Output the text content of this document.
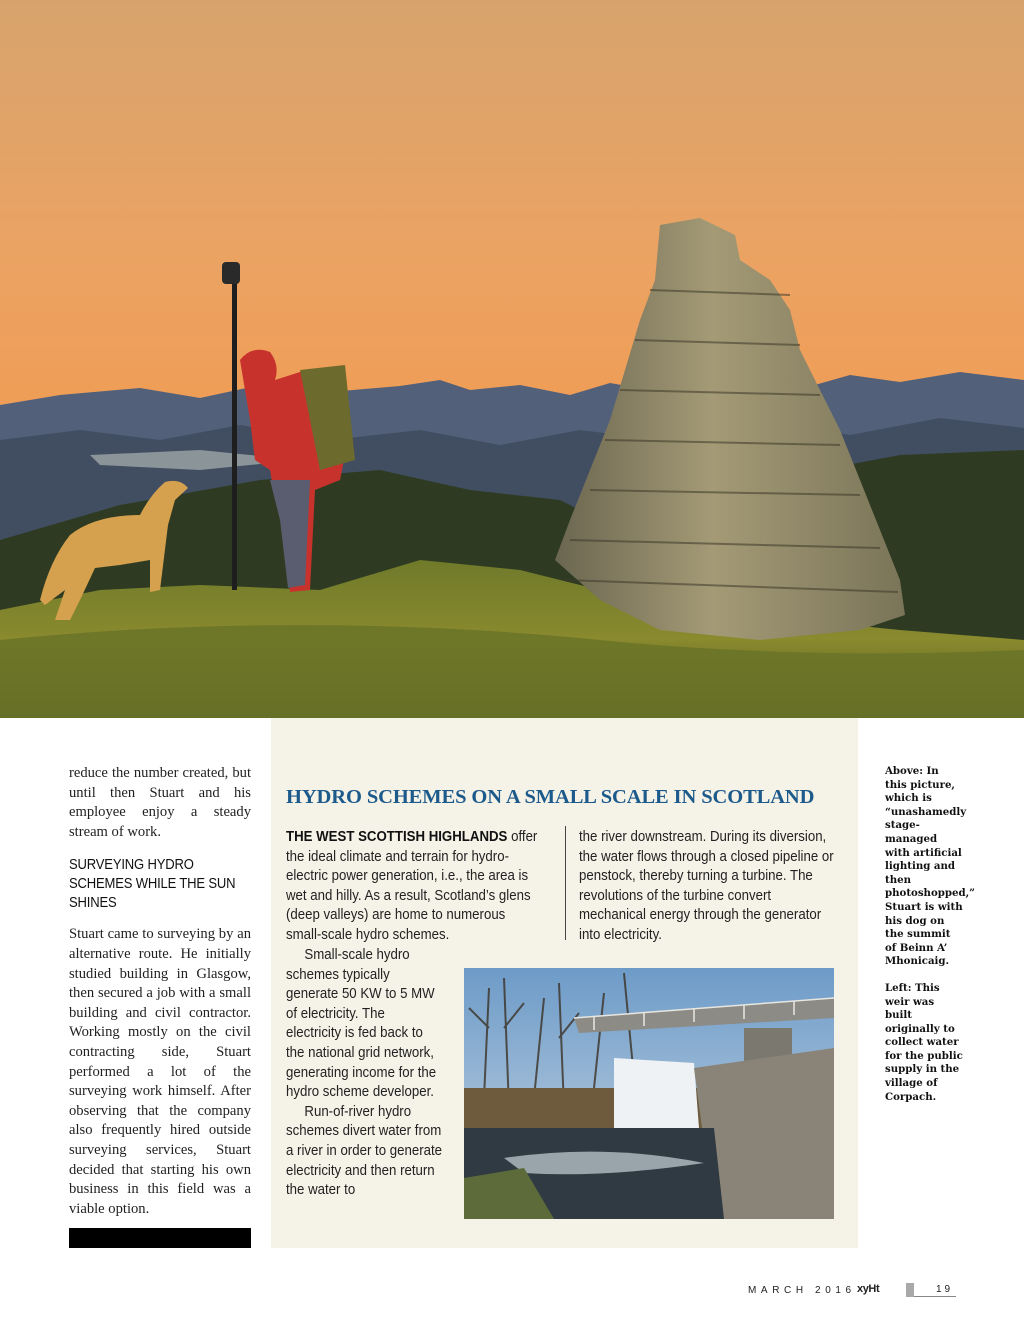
reduce the number created, but until then Stuart and his employee enjoy a steady stream of work.

SURVEYING HYDRO SCHEMES WHILE THE SUN SHINES

Stuart came to surveying by an alternative route. He initially studied building in Glasgow, then secured a job with a small building and civil contractor. Working mostly on the civil contracting side, Stuart performed a lot of the surveying work himself. After observing that the company also frequently hired outside surveying services, Stuart decided that starting his own business in this field was a viable option.

HYDRO SCHEMES ON A SMALL SCALE IN SCOTLAND
THE WEST SCOTTISH HIGHLANDS offer the ideal climate and terrain for hydro-electric power generation, i.e., the area is wet and hilly. As a result, Scotland’s glens (deep valleys) are home to numerous small-scale hydro schemes.
Small-scale hydro schemes typically generate 50 KW to 5 MW of electricity. The electricity is fed back to the national grid network, generating income for the hydro scheme developer.
Run-of-river hydro schemes divert water from a river in order to generate electricity and then return the water to
the river downstream. During its diversion, the water flows through a closed pipeline or penstock, thereby turning a turbine. The revolutions of the turbine convert mechanical energy through the generator into electricity.

Above: In this picture, which is “unashamedly stage-managed with artificial lighting and then photoshopped,” Stuart is with his dog on the summit of Beinn A’ Mhonicaig.

Left: This weir was built originally to collect water for the public supply in the village of Corpach.

MARCH 2016 xyHt	19
